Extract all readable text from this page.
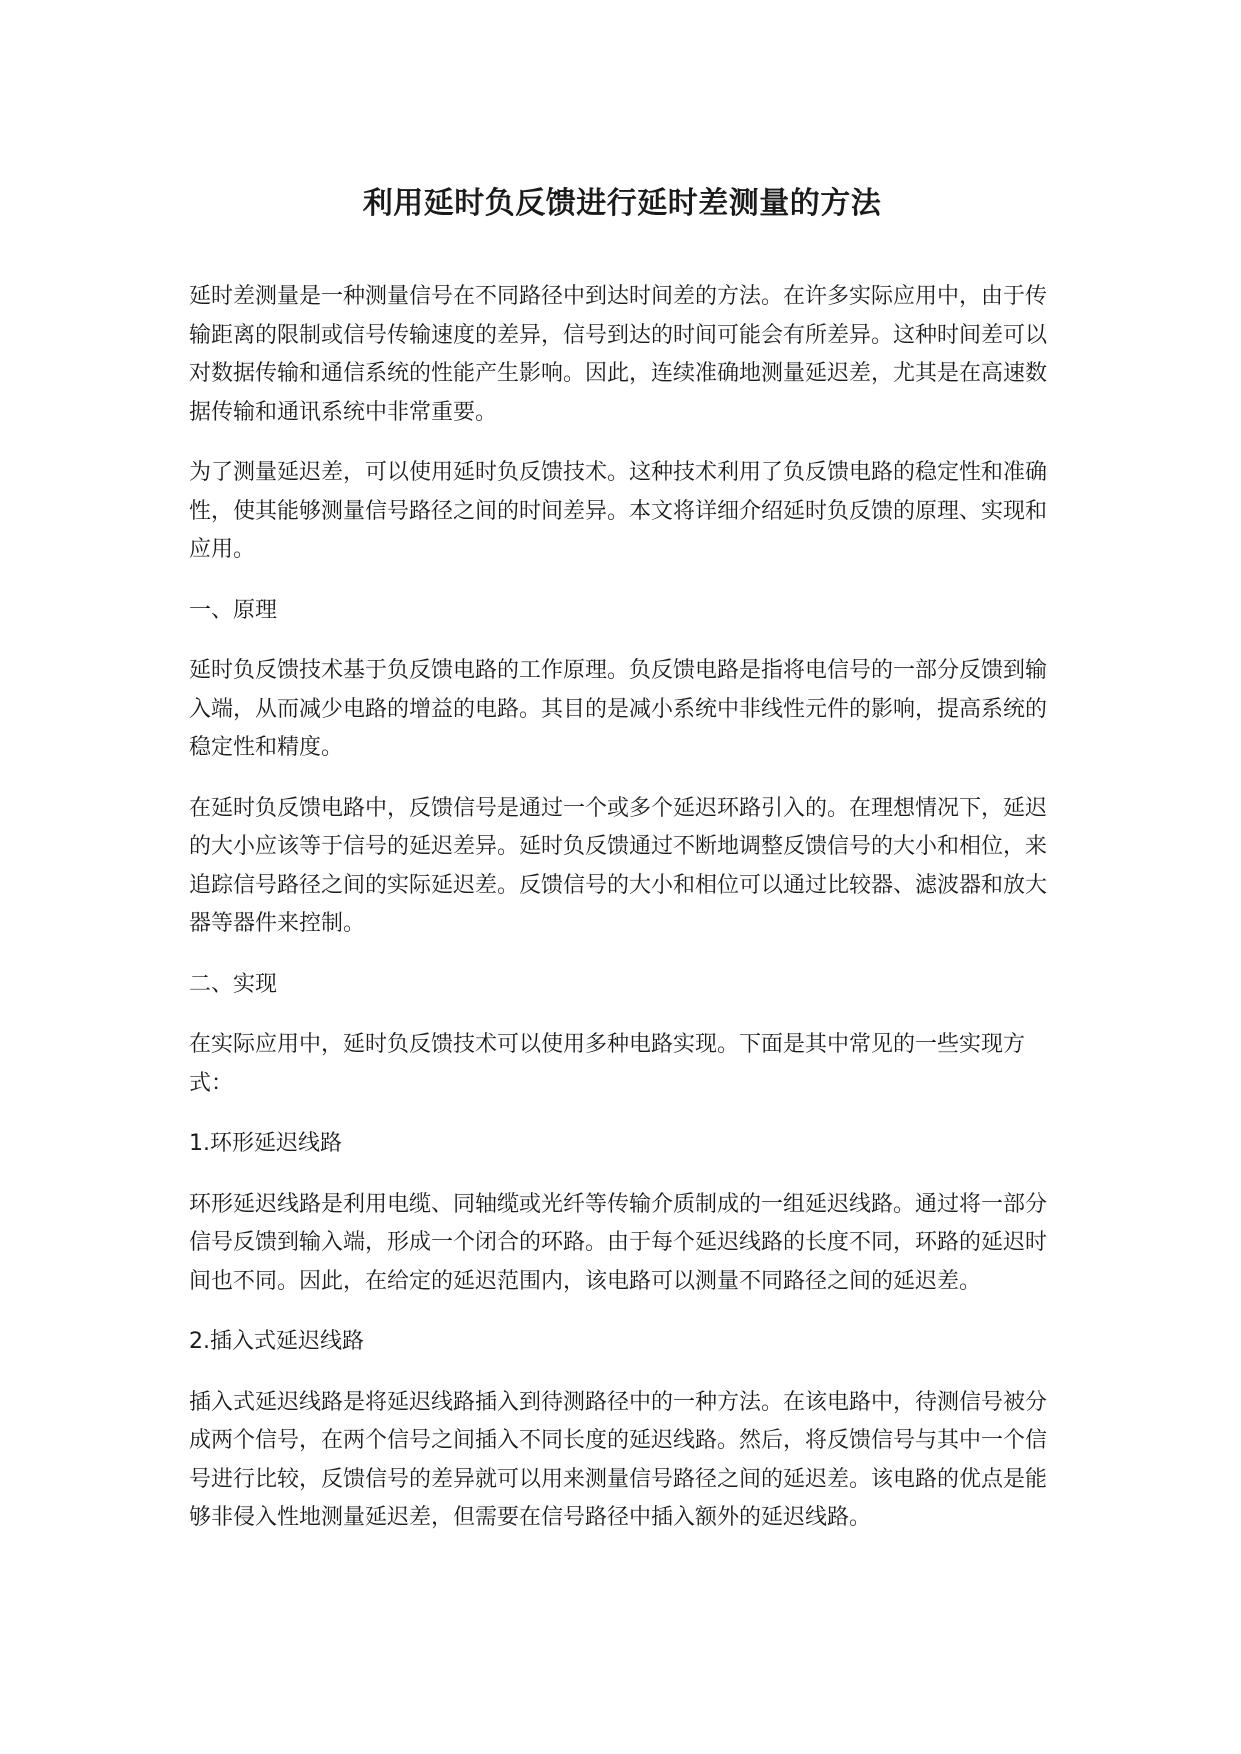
利用延时负反馈进行延时差测量的方法

延时差测量是一种测量信号在不同路径中到达时间差的方法。在许多实际应用中，由于传输距离的限制或信号传输速度的差异，信号到达的时间可能会有所差异。这种时间差可以对数据传输和通信系统的性能产生影响。因此，连续准确地测量延迟差，尤其是在高速数据传输和通讯系统中非常重要。

为了测量延迟差，可以使用延时负反馈技术。这种技术利用了负反馈电路的稳定性和准确性，使其能够测量信号路径之间的时间差异。本文将详细介绍延时负反馈的原理、实现和应用。

一、原理

延时负反馈技术基于负反馈电路的工作原理。负反馈电路是指将电信号的一部分反馈到输入端，从而减少电路的增益的电路。其目的是减小系统中非线性元件的影响，提高系统的稳定性和精度。

在延时负反馈电路中，反馈信号是通过一个或多个延迟环路引入的。在理想情况下，延迟的大小应该等于信号的延迟差异。延时负反馈通过不断地调整反馈信号的大小和相位，来追踪信号路径之间的实际延迟差。反馈信号的大小和相位可以通过比较器、滤波器和放大器等器件来控制。

二、实现

在实际应用中，延时负反馈技术可以使用多种电路实现。下面是其中常见的一些实现方式：

1.环形延迟线路

环形延迟线路是利用电缆、同轴缆或光纤等传输介质制成的一组延迟线路。通过将一部分信号反馈到输入端，形成一个闭合的环路。由于每个延迟线路的长度不同，环路的延迟时间也不同。因此，在给定的延迟范围内，该电路可以测量不同路径之间的延迟差。

2.插入式延迟线路

插入式延迟线路是将延迟线路插入到待测路径中的一种方法。在该电路中，待测信号被分成两个信号，在两个信号之间插入不同长度的延迟线路。然后，将反馈信号与其中一个信号进行比较，反馈信号的差异就可以用来测量信号路径之间的延迟差。该电路的优点是能够非侵入性地测量延迟差，但需要在信号路径中插入额外的延迟线路。
